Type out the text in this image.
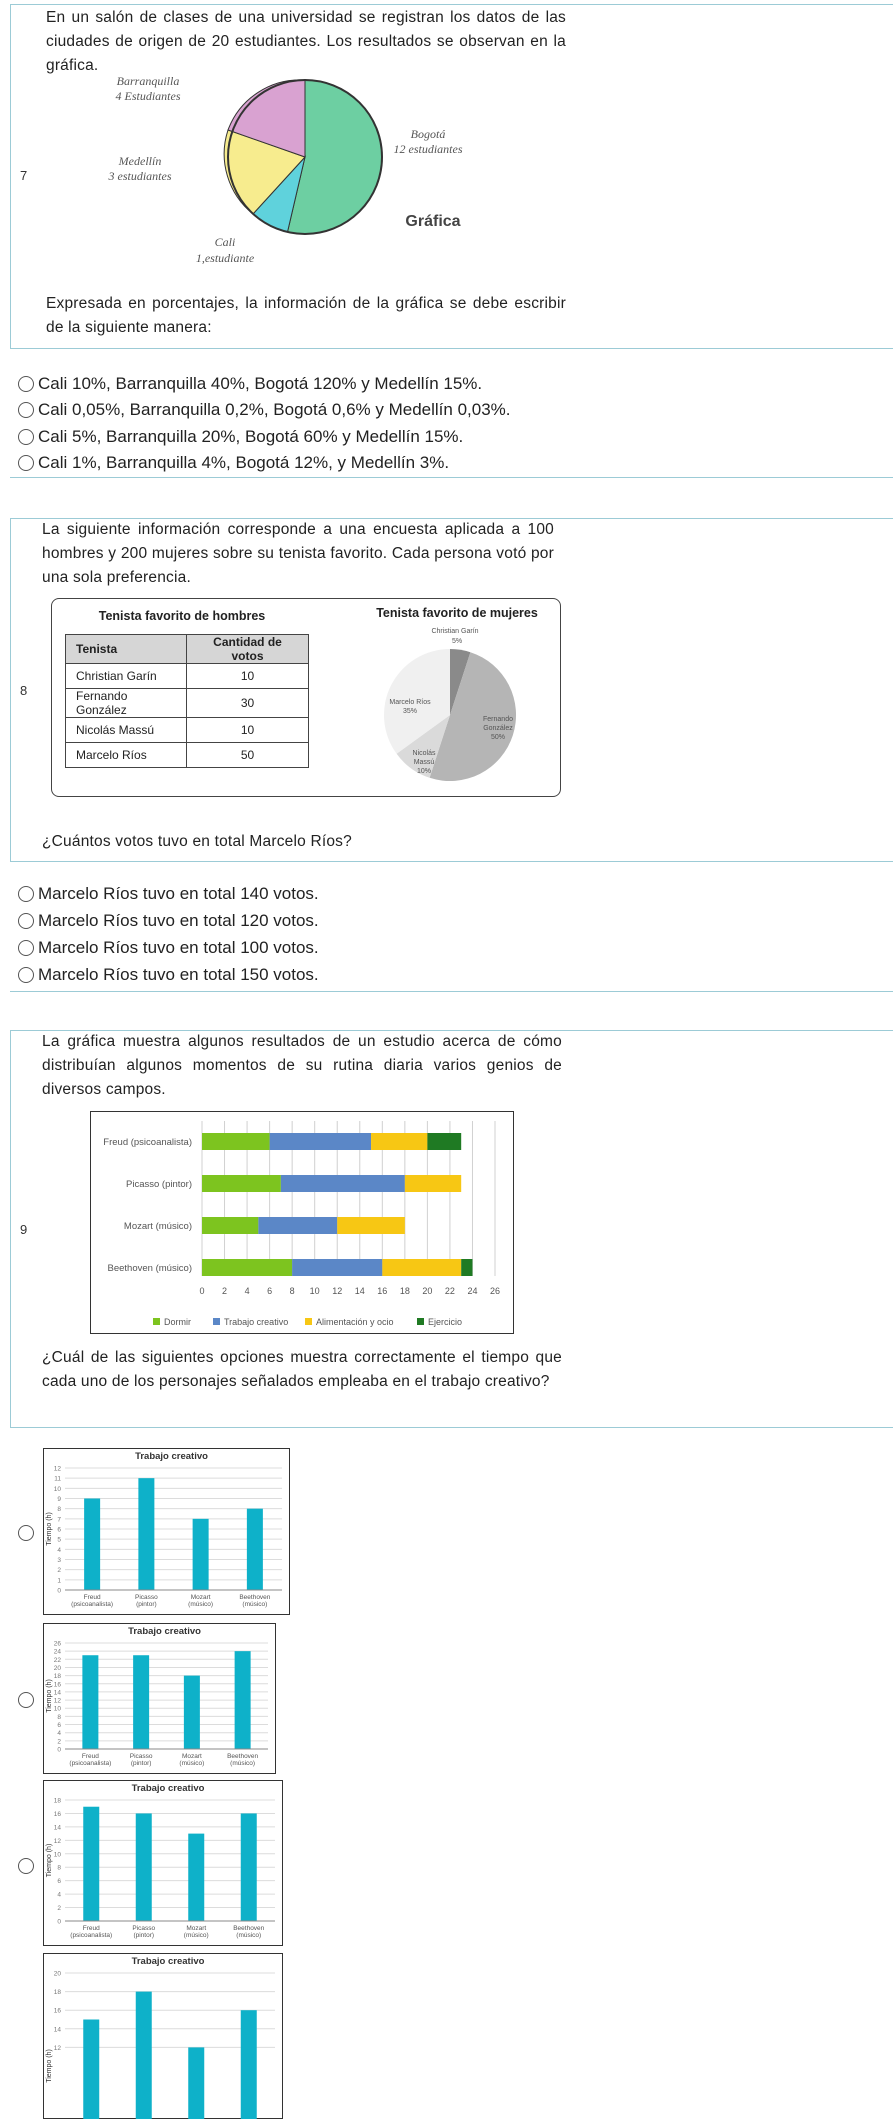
7
En un salón de clases de una universidad se registran los datos de las ciudades de origen de 20 estudiantes. Los resultados se observan en la gráfica.
Barranquilla
4 Estudiantes
Medellín
3 estudiantes
Bogotá
12 estudiantes
Cali
1,estudiante
Gráfica
Expresada en porcentajes, la información de la gráfica se debe escribir de la siguiente manera:
Cali 10%, Barranquilla 40%, Bogotá 120% y Medellín 15%.
Cali 0,05%, Barranquilla 0,2%, Bogotá 0,6% y Medellín 0,03%.
Cali 5%, Barranquilla 20%, Bogotá 60% y Medellín 15%.
Cali 1%, Barranquilla 4%, Bogotá 12%, y Medellín 3%.
8
La siguiente información corresponde a una encuesta aplicada a 100 hombres y 200 mujeres sobre su tenista favorito. Cada persona votó por una sola preferencia.
Tenista favorito de hombres
Tenista	Cantidad de votos
Christian Garín	10
Fernando González	30
Nicolás Massú	10
Marcelo Ríos	50
Tenista favorito de mujeres
Christian Garín
5%
Marcelo Ríos
35%
Fernando
González
50%
Nicolás
Massú
10%
¿Cuántos votos tuvo en total Marcelo Ríos?
Marcelo Ríos tuvo en total 140 votos.
Marcelo Ríos tuvo en total 120 votos.
Marcelo Ríos tuvo en total 100 votos.
Marcelo Ríos tuvo en total 150 votos.
9
La gráfica muestra algunos resultados de un estudio acerca de cómo distribuían algunos momentos de su rutina diaria varios genios de diversos campos.
0 2 4 6 8 10 12 14 16 18 20 22 24 26
Freud (psicoanalista)
Picasso (pintor)
Mozart (músico)
Beethoven (músico)
Dormir	Trabajo creativo	Alimentación y ocio	Ejercicio
¿Cuál de las siguientes opciones muestra correctamente el tiempo que cada uno de los personajes señalados empleaba en el trabajo creativo?
Trabajo creativo
0
1
2
3
4
5
6
7
8
9
10
11
12
Tiempo (h)
Freud
(psicoanalista)
Picasso
(pintor)
Mozart
(músico)
Beethoven
(músico)
Trabajo creativo
0
2
4
6
8
10
12
14
16
18
20
22
24
26
Tiempo (h)
Freud
(psicoanalista)
Picasso
(pintor)
Mozart
(músico)
Beethoven
(músico)
Trabajo creativo
0
2
4
6
8
10
12
14
16
18
Tiempo (h)
Freud
(psicoanalista)
Picasso
(pintor)
Mozart
(músico)
Beethoven
(músico)
Trabajo creativo
12
14
16
18
20
Tiempo (h)
